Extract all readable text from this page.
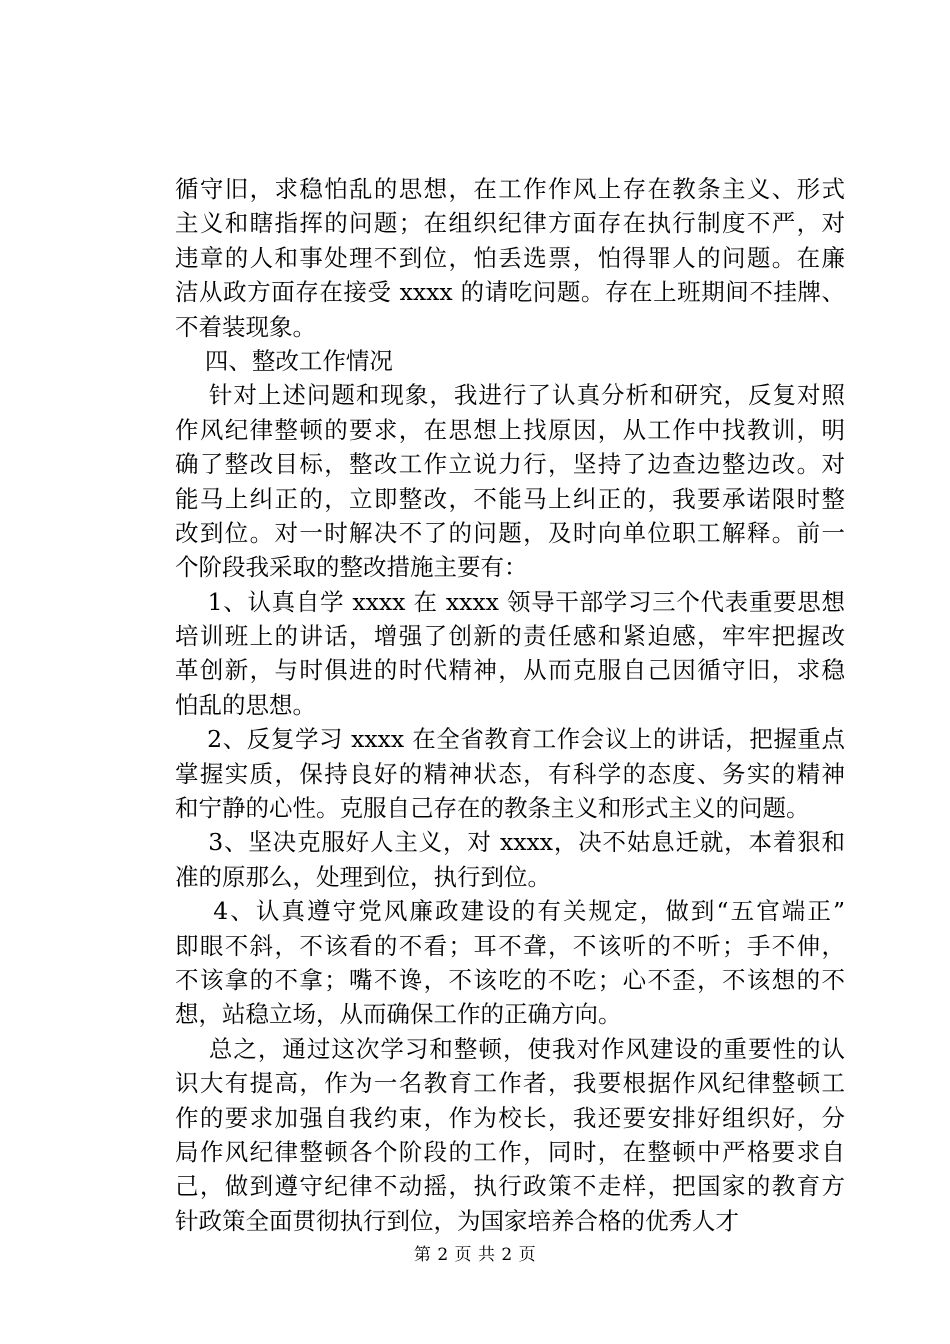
循守旧，求稳怕乱的思想，在工作作风上存在教条主义、形式
主义和瞎指挥的问题；在组织纪律方面存在执行制度不严，对
违章的人和事处理不到位，怕丢选票，怕得罪人的问题。在廉
洁从政方面存在接受 xxxx 的请吃问题。存在上班期间不挂牌、
不着装现象。
四、整改工作情况
针对上述问题和现象，我进行了认真分析和研究，反复对照
作风纪律整顿的要求，在思想上找原因，从工作中找教训，明
确了整改目标，整改工作立说力行，坚持了边查边整边改。对
能马上纠正的，立即整改，不能马上纠正的，我要承诺限时整
改到位。对一时解决不了的问题，及时向单位职工解释。前一
个阶段我采取的整改措施主要有：
1、认真自学 xxxx 在 xxxx 领导干部学习三个代表重要思想
培训班上的讲话，增强了创新的责任感和紧迫感，牢牢把握改
革创新，与时俱进的时代精神，从而克服自己因循守旧，求稳
怕乱的思想。
2、反复学习 xxxx 在全省教育工作会议上的讲话，把握重点
掌握实质，保持良好的精神状态，有科学的态度、务实的精神
和宁静的心性。克服自己存在的教条主义和形式主义的问题。
3、坚决克服好人主义，对 xxxx，决不姑息迁就，本着狠和
准的原那么，处理到位，执行到位。
4、认真遵守党风廉政建设的有关规定，做到“五官端正”
即眼不斜，不该看的不看；耳不聋，不该听的不听；手不伸，
不该拿的不拿；嘴不谗，不该吃的不吃；心不歪，不该想的不
想，站稳立场，从而确保工作的正确方向。
总之，通过这次学习和整顿，使我对作风建设的重要性的认
识大有提高，作为一名教育工作者，我要根据作风纪律整顿工
作的要求加强自我约束，作为校长，我还要安排好组织好，分
局作风纪律整顿各个阶段的工作，同时，在整顿中严格要求自
己，做到遵守纪律不动摇，执行政策不走样，把国家的教育方
针政策全面贯彻执行到位，为国家培养合格的优秀人才
第 2 页 共 2 页
